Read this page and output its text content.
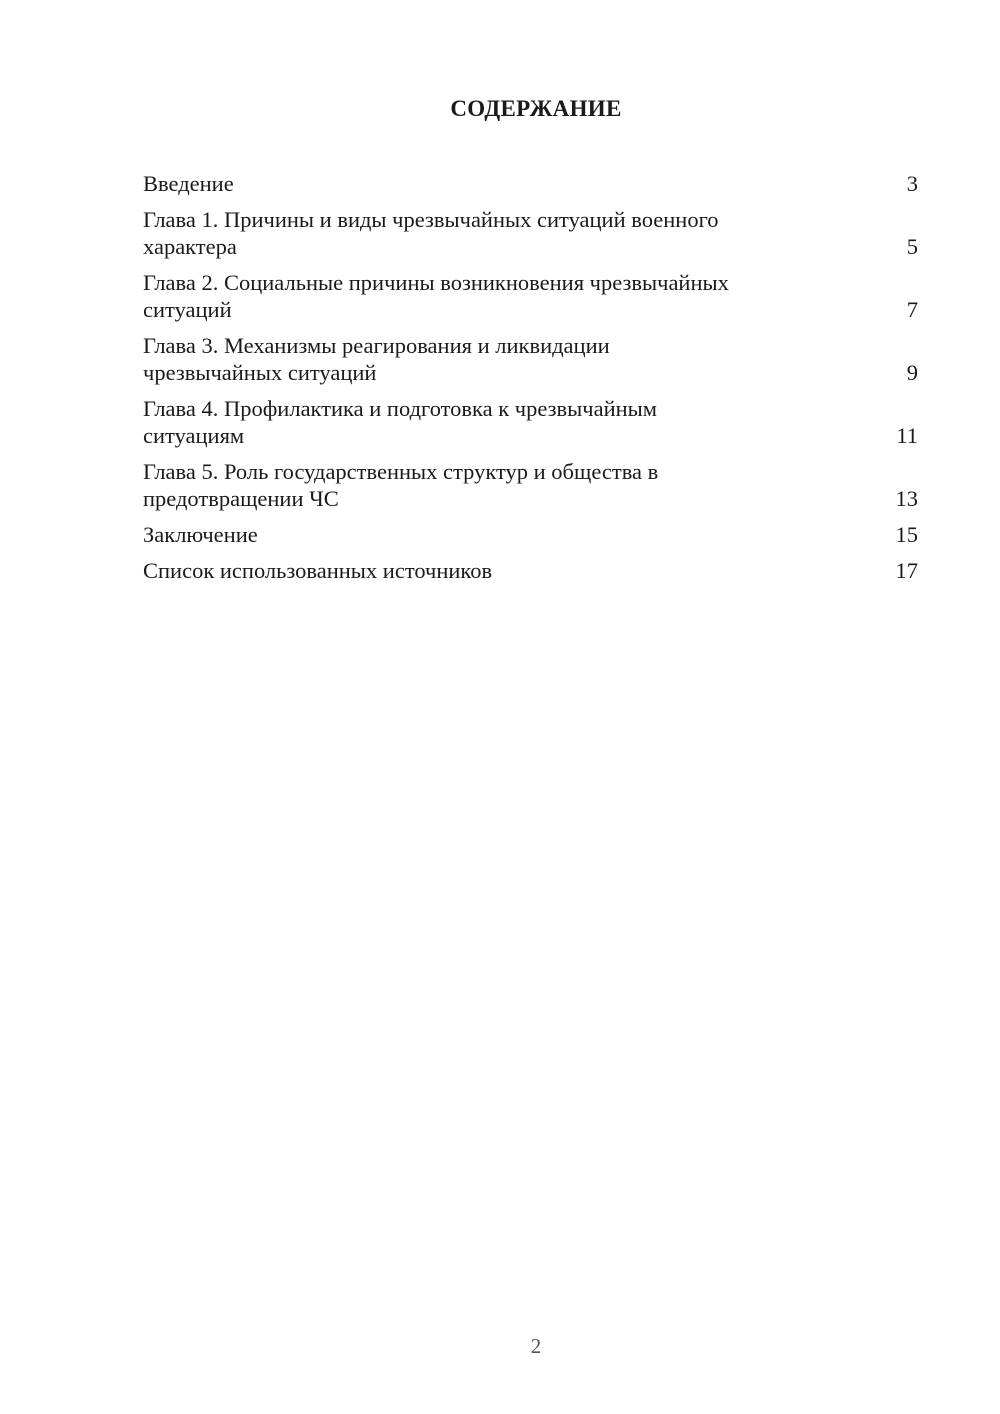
СОДЕРЖАНИЕ
Введение	3
Глава 1. Причины и виды чрезвычайных ситуаций военного
характера	5
Глава 2. Социальные причины возникновения чрезвычайных
ситуаций	7
Глава 3. Механизмы реагирования и ликвидации
чрезвычайных ситуаций	9
Глава 4. Профилактика и подготовка к чрезвычайным
ситуациям	11
Глава 5. Роль государственных структур и общества в
предотвращении ЧС	13
Заключение	15
Список использованных источников	17
2
